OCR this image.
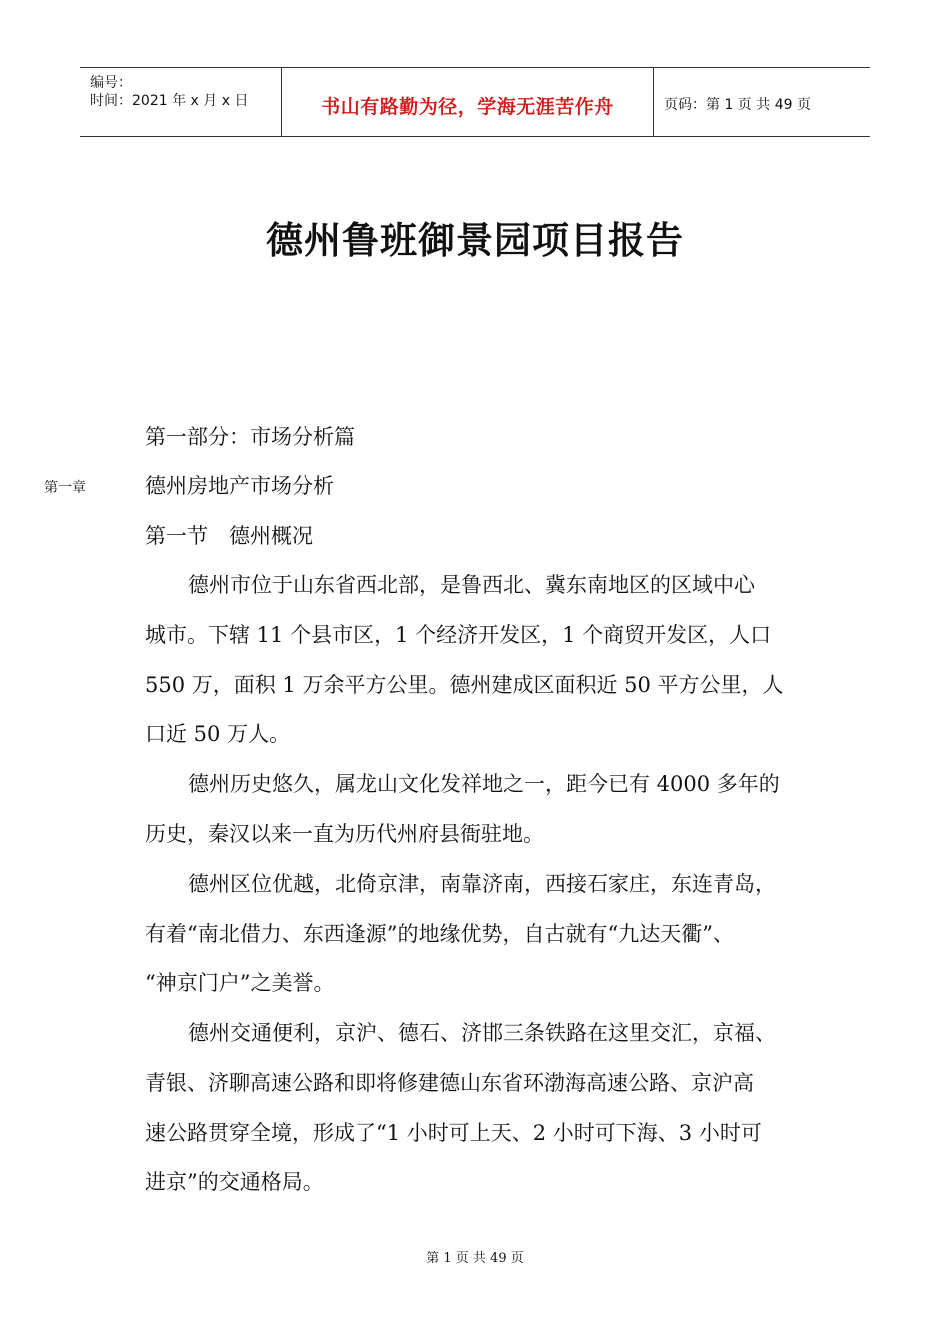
编号：
时间：2021 年 x 月 x 日	书山有路勤为径，学海无涯苦作舟	页码：第 1 页 共 49 页
德州鲁班御景园项目报告
第一部分：市场分析篇
第一章	德州房地产市场分析
第一节　德州概况
德州市位于山东省西北部，是鲁西北、冀东南地区的区域中心
城市。下辖 11 个县市区，1 个经济开发区，1 个商贸开发区，人口
550 万，面积 1 万余平方公里。德州建成区面积近 50 平方公里，人
口近 50 万人。
德州历史悠久，属龙山文化发祥地之一，距今已有 4000 多年的
历史，秦汉以来一直为历代州府县衙驻地。
德州区位优越，北倚京津，南靠济南，西接石家庄，东连青岛，
有着“南北借力、东西逢源”的地缘优势，自古就有“九达天衢”、
“神京门户”之美誉。
德州交通便利，京沪、德石、济邯三条铁路在这里交汇，京福、
青银、济聊高速公路和即将修建德山东省环渤海高速公路、京沪高
速公路贯穿全境，形成了“1 小时可上天、2 小时可下海、3 小时可
进京”的交通格局。
第 1 页 共 49 页
